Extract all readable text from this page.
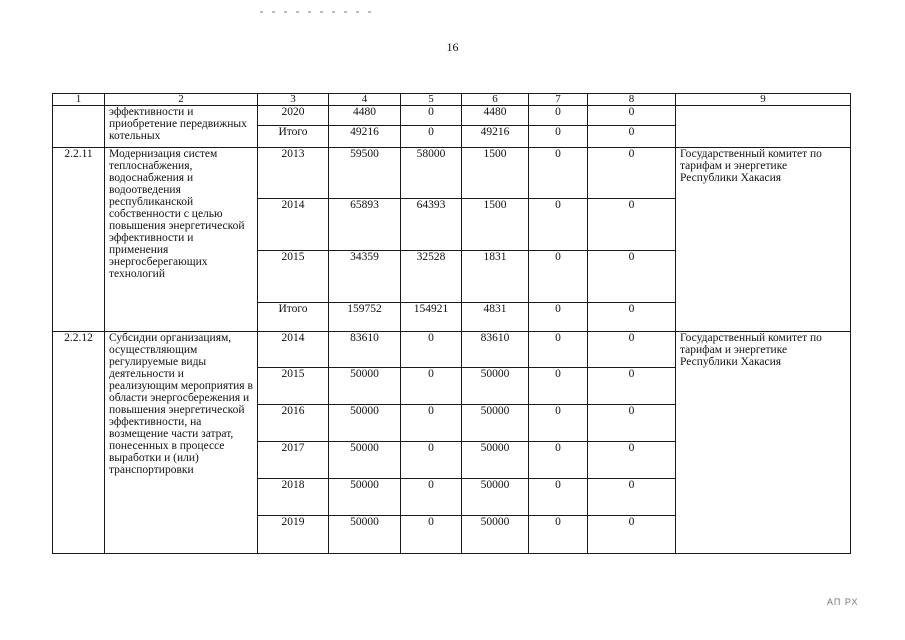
16
1	2	3	4	5	6	7	8	9
	эффективности и приобретение передвижных котельных	2020	4480	0	4480	0	0	
		Итого	49216	0	49216	0	0	
2.2.11	Модернизация систем теплоснабжения, водоснабжения и водоотведения республиканской собственности с целью повышения энергетической эффективности и применения энергосберегающих технологий	2013	59500	58000	1500	0	0	Государственный комитет по тарифам и энергетике Республики Хакасия
		2014	65893	64393	1500	0	0	
		2015	34359	32528	1831	0	0	
		Итого	159752	154921	4831	0	0	
2.2.12	Субсидии организациям, осуществляющим регулируемые виды деятельности и реализующим мероприятия в области энергосбережения и повышения энергетической эффективности, на возмещение части затрат, понесенных в процессе выработки и (или) транспортировки	2014	83610	0	83610	0	0	Государственный комитет по тарифам и энергетике Республики Хакасия
		2015	50000	0	50000	0	0	
		2016	50000	0	50000	0	0	
		2017	50000	0	50000	0	0	
		2018	50000	0	50000	0	0	
		2019	50000	0	50000	0	0	
АП РХ
